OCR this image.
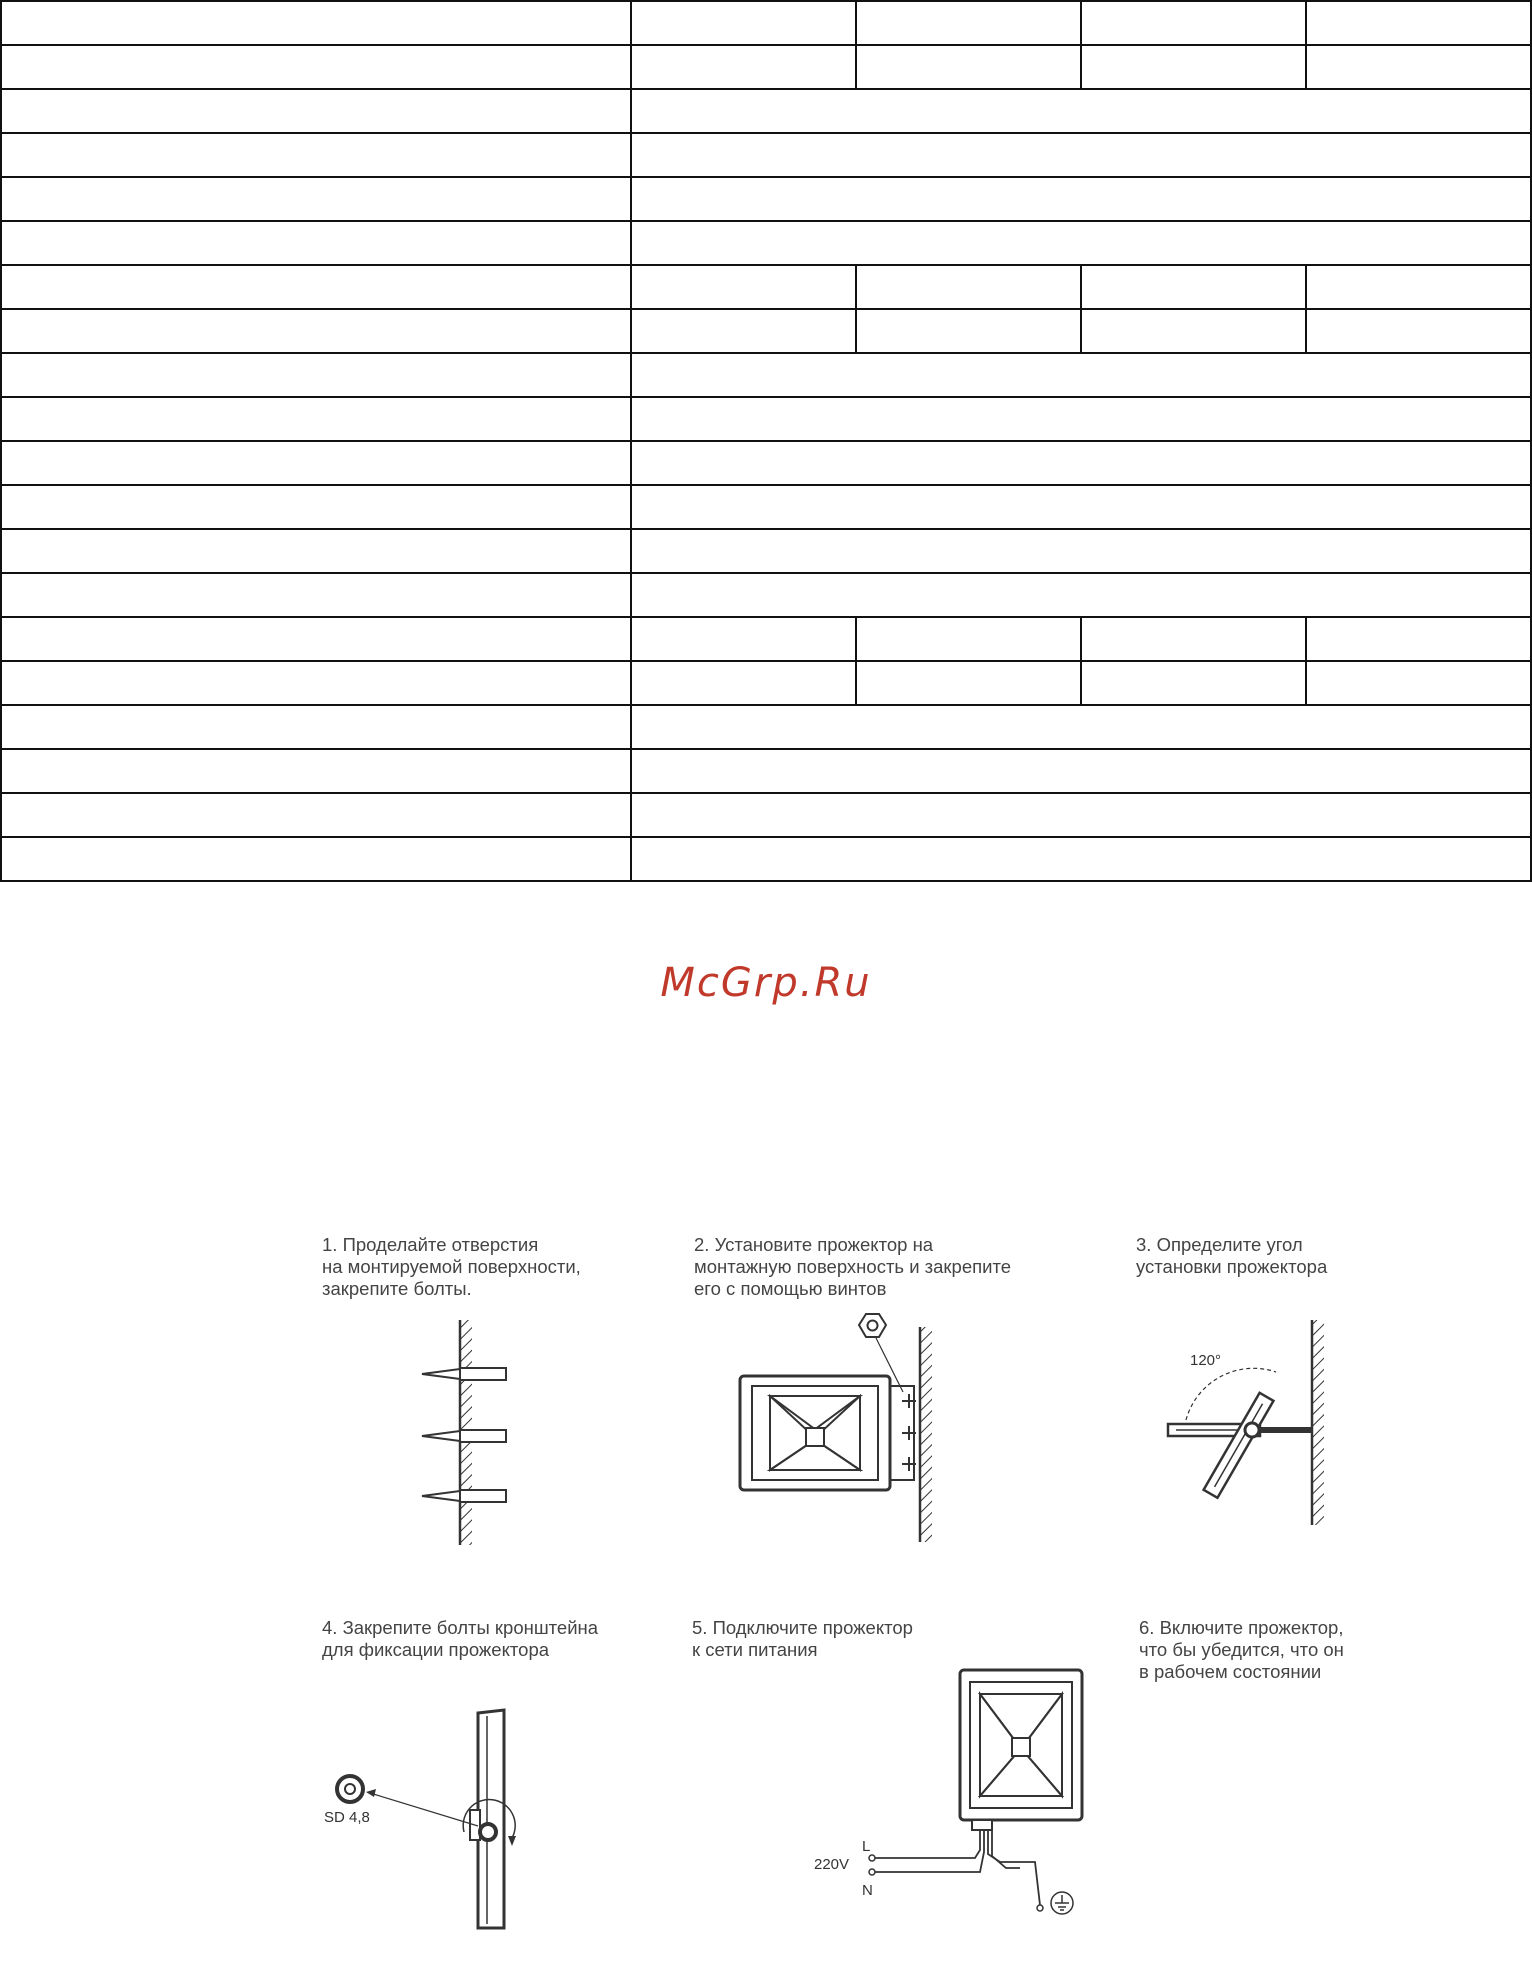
McGrp.Ru
1. Проделайте отверстия
на монтируемой поверхности,
закрепите болты.
2. Установите прожектор на
монтажную поверхность и закрепите
его с помощью винтов
3. Определите угол
установки прожектора
4. Закрепите болты кронштейна
для фиксации прожектора
5. Подключите прожектор
к сети питания
6. Включите прожектор,
что бы убедится, что он
в рабочем состоянии
120°
SD 4,8
L
220V
N
